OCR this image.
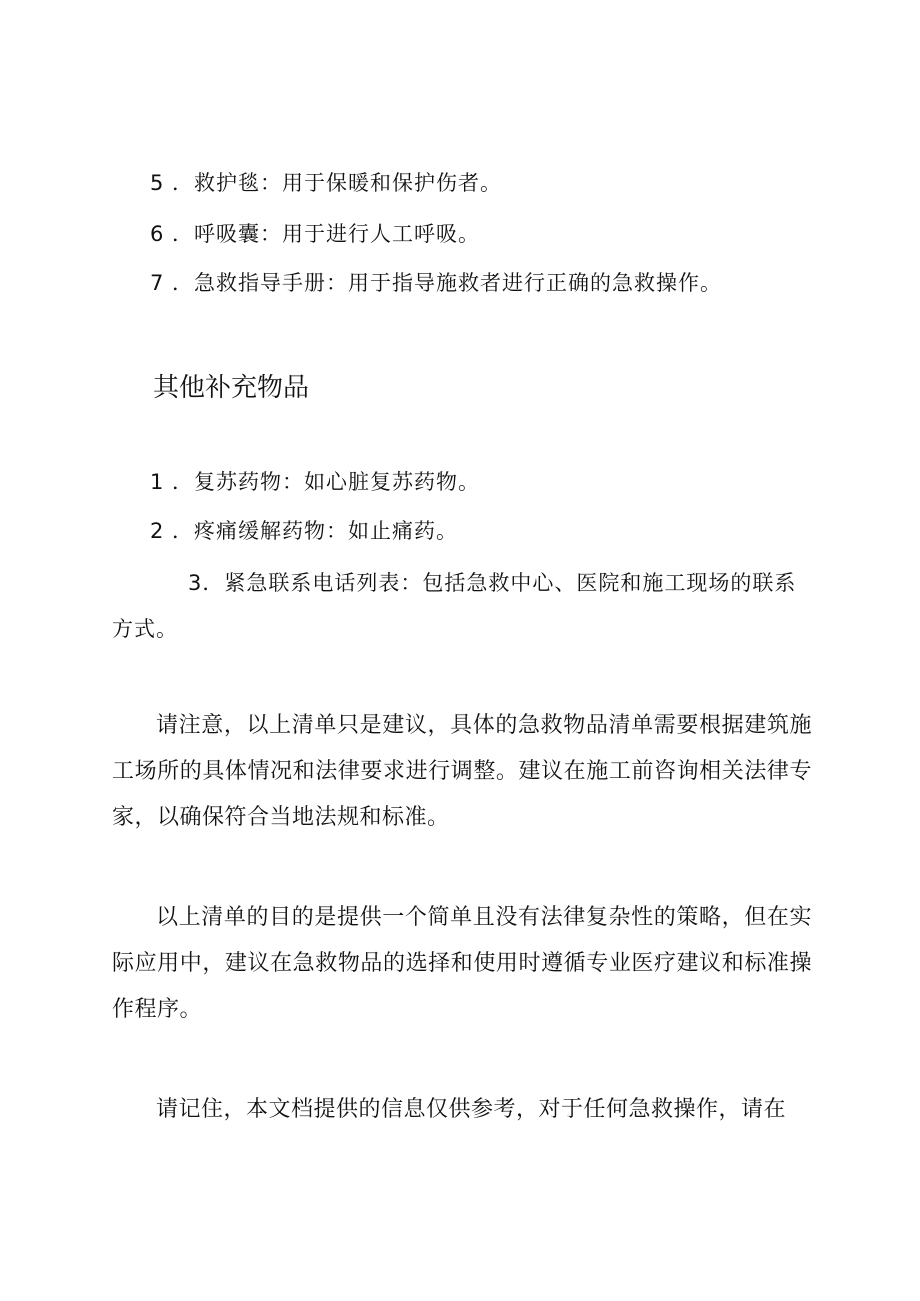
5 ．救护毯：用于保暖和保护伤者。
6 ．呼吸囊：用于进行人工呼吸。
7 ．急救指导手册：用于指导施救者进行正确的急救操作。
其他补充物品
1 ．复苏药物：如心脏复苏药物。
2 ．疼痛缓解药物：如止痛药。

3．紧急联系电话列表：包括急救中心、医院和施工现场的联系方式。

请注意，以上清单只是建议，具体的急救物品清单需要根据建筑施工场所的具体情况和法律要求进行调整。建议在施工前咨询相关法律专家，以确保符合当地法规和标准。

以上清单的目的是提供一个简单且没有法律复杂性的策略，但在实际应用中，建议在急救物品的选择和使用时遵循专业医疗建议和标准操作程序。

请记住，本文档提供的信息仅供参考，对于任何急救操作，请在
